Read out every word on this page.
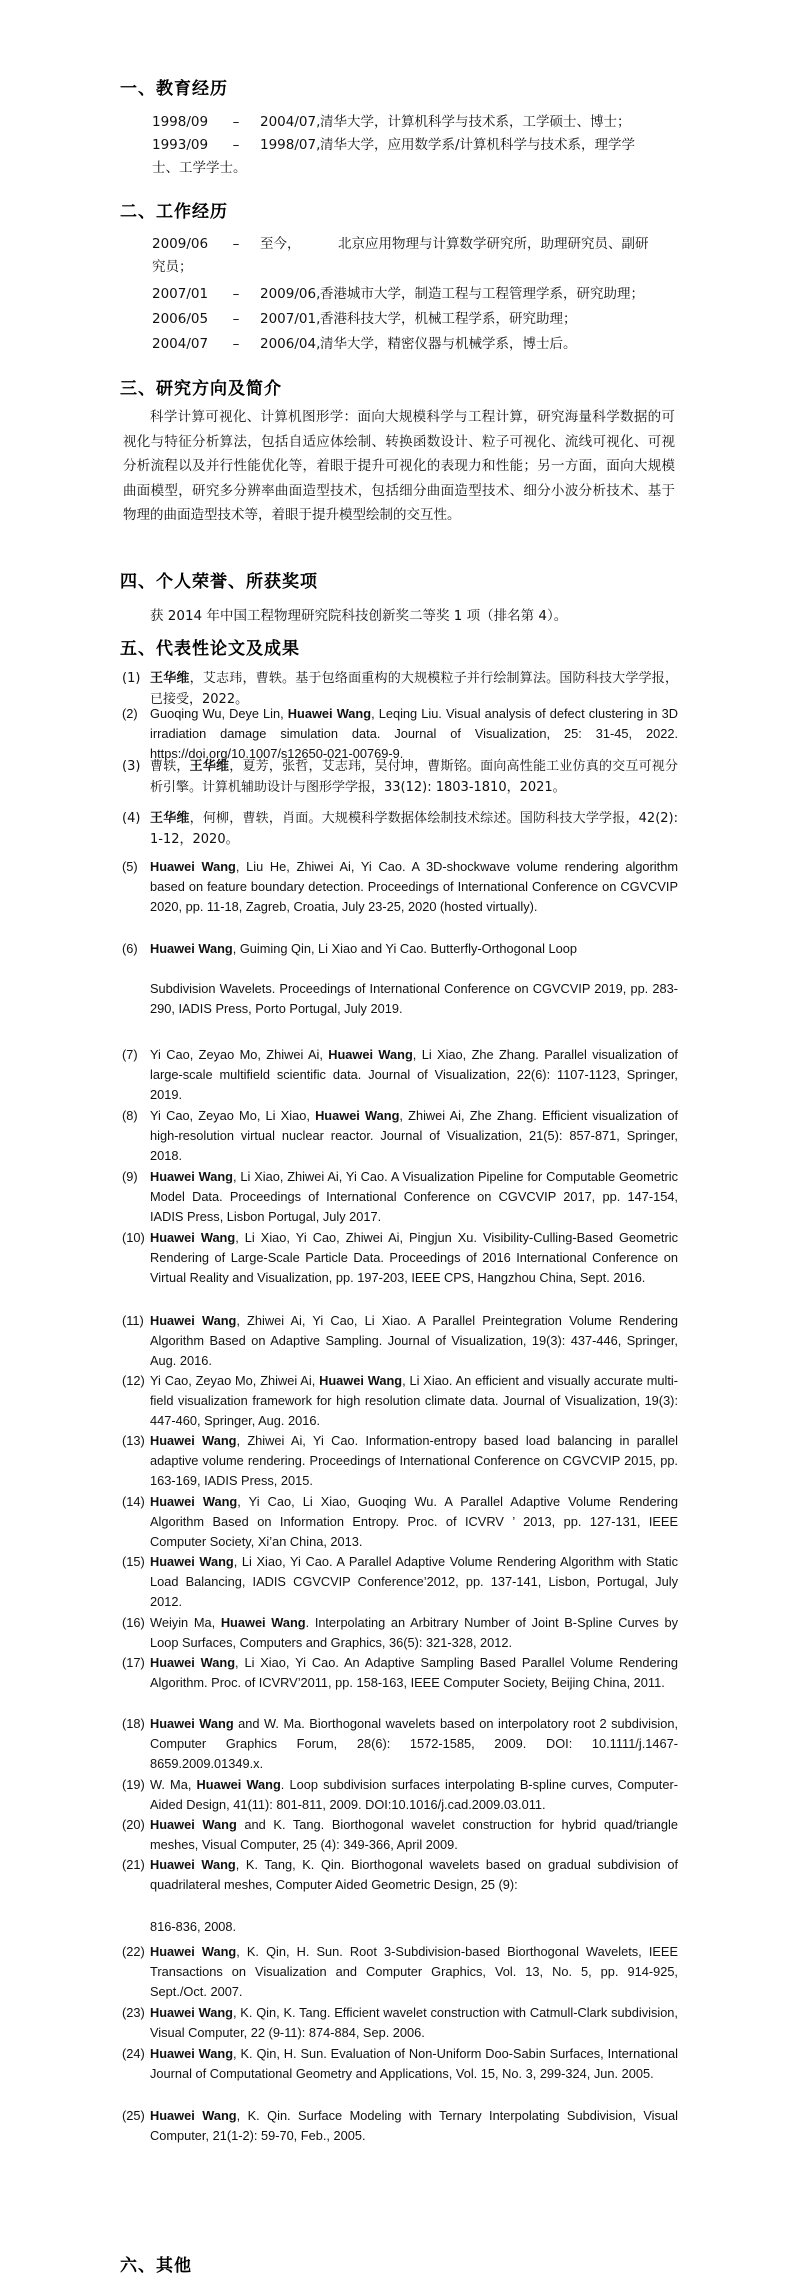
一、教育经历
1998/09	–	2004/07, 清华大学，计算机科学与技术系，工学硕士、博士；
1993/09	–	1998/07, 清华大学，应用数学系/计算机科学与技术系，理学学
士、工学学士。
二、工作经历
2009/06	–	至今，	北京应用物理与计算数学研究所，助理研究员、副研
究员；
2007/01	–	2009/06, 香港城市大学，制造工程与工程管理学系，研究助理；
2006/05	–	2007/01, 香港科技大学，机械工程学系，研究助理；
2004/07	–	2006/04, 清华大学，精密仪器与机械学系，博士后。
三、研究方向及简介
科学计算可视化、计算机图形学：面向大规模科学与工程计算，研究海量科学数据的可视化与特征分析算法，包括自适应体绘制、转换函数设计、粒子可视化、流线可视化、可视分析流程以及并行性能优化等，着眼于提升可视化的表现力和性能；另一方面，面向大规模曲面模型，研究多分辨率曲面造型技术，包括细分曲面造型技术、细分小波分析技术、基于物理的曲面造型技术等，着眼于提升模型绘制的交互性。
四、个人荣誉、所获奖项
获 2014 年中国工程物理研究院科技创新奖二等奖 1 项（排名第 4）。
五、代表性论文及成果
(1) 王华维，艾志玮，曹轶。基于包络面重构的大规模粒子并行绘制算法。国防科技大学学报，已接受，2022。
(2) Guoqing Wu, Deye Lin, Huawei Wang, Leqing Liu. Visual analysis of defect clustering in 3D irradiation damage simulation data. Journal of Visualization, 25: 31-45, 2022. https://doi.org/10.1007/s12650-021-00769-9.
(3) 曹轶，王华维，夏芳，张哲，艾志玮，吴付坤，曹斯铭。面向高性能工业仿真的交互可视分析引擎。计算机辅助设计与图形学学报，33(12): 1803-1810，2021。
(4) 王华维，何柳，曹轶，肖面。大规模科学数据体绘制技术综述。国防科技大学学报，42(2): 1-12，2020。
(5) Huawei Wang, Liu He, Zhiwei Ai, Yi Cao. A 3D-shockwave volume rendering algorithm based on feature boundary detection. Proceedings of International Conference on CGVCVIP 2020, pp. 11-18, Zagreb, Croatia, July 23-25, 2020 (hosted virtually).
(6) Huawei Wang, Guiming Qin, Li Xiao and Yi Cao. Butterfly-Orthogonal Loop
Subdivision Wavelets. Proceedings of International Conference on CGVCVIP 2019, pp. 283-290, IADIS Press, Porto Portugal, July 2019.
(7) Yi Cao, Zeyao Mo, Zhiwei Ai, Huawei Wang, Li Xiao, Zhe Zhang. Parallel visualization of large-scale multifield scientific data. Journal of Visualization, 22(6): 1107-1123, Springer, 2019.
(8) Yi Cao, Zeyao Mo, Li Xiao, Huawei Wang, Zhiwei Ai, Zhe Zhang. Efficient visualization of high-resolution virtual nuclear reactor. Journal of Visualization, 21(5): 857-871, Springer, 2018.
(9) Huawei Wang, Li Xiao, Zhiwei Ai, Yi Cao. A Visualization Pipeline for Computable Geometric Model Data. Proceedings of International Conference on CGVCVIP 2017, pp. 147-154, IADIS Press, Lisbon Portugal, July 2017.
(10) Huawei Wang, Li Xiao, Yi Cao, Zhiwei Ai, Pingjun Xu. Visibility-Culling-Based Geometric Rendering of Large-Scale Particle Data. Proceedings of 2016 International Conference on Virtual Reality and Visualization, pp. 197-203, IEEE CPS, Hangzhou China, Sept. 2016.
(11) Huawei Wang, Zhiwei Ai, Yi Cao, Li Xiao. A Parallel Preintegration Volume Rendering Algorithm Based on Adaptive Sampling. Journal of Visualization, 19(3): 437-446, Springer, Aug. 2016.
(12) Yi Cao, Zeyao Mo, Zhiwei Ai, Huawei Wang, Li Xiao. An efficient and visually accurate multi-field visualization framework for high resolution climate data. Journal of Visualization, 19(3): 447-460, Springer, Aug. 2016.
(13) Huawei Wang, Zhiwei Ai, Yi Cao. Information-entropy based load balancing in parallel adaptive volume rendering. Proceedings of International Conference on CGVCVIP 2015, pp. 163-169, IADIS Press, 2015.
(14) Huawei Wang, Yi Cao, Li Xiao, Guoqing Wu. A Parallel Adaptive Volume Rendering Algorithm Based on Information Entropy. Proc. of ICVRV ’ 2013, pp. 127-131, IEEE Computer Society, Xi’an China, 2013.
(15) Huawei Wang, Li Xiao, Yi Cao. A Parallel Adaptive Volume Rendering Algorithm with Static Load Balancing, IADIS CGVCVIP Conference’2012, pp. 137-141, Lisbon, Portugal, July 2012.
(16) Weiyin Ma, Huawei Wang. Interpolating an Arbitrary Number of Joint B-Spline Curves by Loop Surfaces, Computers and Graphics, 36(5): 321-328, 2012.
(17) Huawei Wang, Li Xiao, Yi Cao. An Adaptive Sampling Based Parallel Volume Rendering Algorithm. Proc. of ICVRV’2011, pp. 158-163, IEEE Computer Society, Beijing China, 2011.
(18) Huawei Wang and W. Ma. Biorthogonal wavelets based on interpolatory root 2 subdivision, Computer Graphics Forum, 28(6): 1572-1585, 2009. DOI: 10.1111/j.1467-8659.2009.01349.x.
(19) W. Ma, Huawei Wang. Loop subdivision surfaces interpolating B-spline curves, Computer-Aided Design, 41(11): 801-811, 2009. DOI:10.1016/j.cad.2009.03.011.
(20) Huawei Wang and K. Tang. Biorthogonal wavelet construction for hybrid quad/triangle meshes, Visual Computer, 25 (4): 349-366, April 2009.
(21) Huawei Wang, K. Tang, K. Qin. Biorthogonal wavelets based on gradual subdivision of quadrilateral meshes, Computer Aided Geometric Design, 25 (9):
816-836, 2008.
(22) Huawei Wang, K. Qin, H. Sun. Root 3-Subdivision-based Biorthogonal Wavelets, IEEE Transactions on Visualization and Computer Graphics, Vol. 13, No. 5, pp. 914-925, Sept./Oct. 2007.
(23) Huawei Wang, K. Qin, K. Tang. Efficient wavelet construction with Catmull-Clark subdivision, Visual Computer, 22 (9-11): 874-884, Sep. 2006.
(24) Huawei Wang, K. Qin, H. Sun. Evaluation of Non-Uniform Doo-Sabin Surfaces, International Journal of Computational Geometry and Applications, Vol. 15, No. 3, 299-324, Jun. 2005.
(25) Huawei Wang, K. Qin. Surface Modeling with Ternary Interpolating Subdivision, Visual Computer, 21(1-2): 59-70, Feb., 2005.
六、其他
